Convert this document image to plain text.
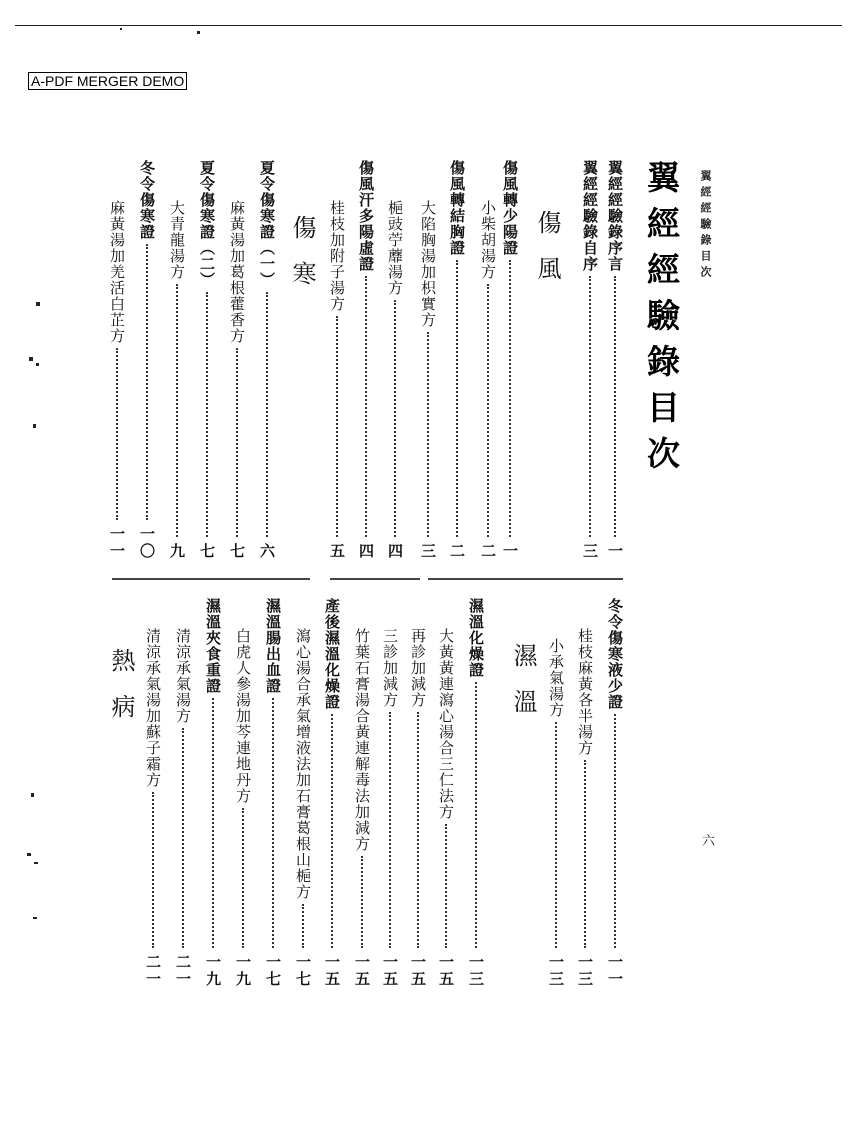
A-PDF MERGER DEMO
翼經經驗錄目次
六
翼經經驗錄目次
傷風
傷寒	翼經經驗錄序言
一
翼經經驗錄自序
三
傷風轉少陽證
一
小柴胡湯方
二
傷風轉結胸證
二
大陷胸湯加枳實方
三
梔豉苧蘼湯方
四
傷風汗多陽虛證
四
桂枝加附子湯方
五
夏令傷寒證（一）
六
麻黃湯加葛根藿香方
七
夏令傷寒證（二）
七
大青龍湯方
九
冬令傷寒證
一〇
麻黃湯加羌活白芷方
一一
濕溫
熱病	冬令傷寒液少證
一一
桂枝麻黃各半湯方
一三
小承氣湯方
一三
濕溫化燥證
一三
大黃黃連瀉心湯合三仁法方
一五
再診加減方
一五
三診加減方
一五
竹葉石膏湯合黃連解毒法加減方
一五
產後濕溫化燥證
一五
瀉心湯合承氣增液法加石膏葛根山梔方
一七
濕溫腸出血證
一七
白虎人參湯加芩連地丹方
一九
濕溫夾食重證
一九
清涼承氣湯方
二一
清涼承氣湯加蘇子霜方
二一
